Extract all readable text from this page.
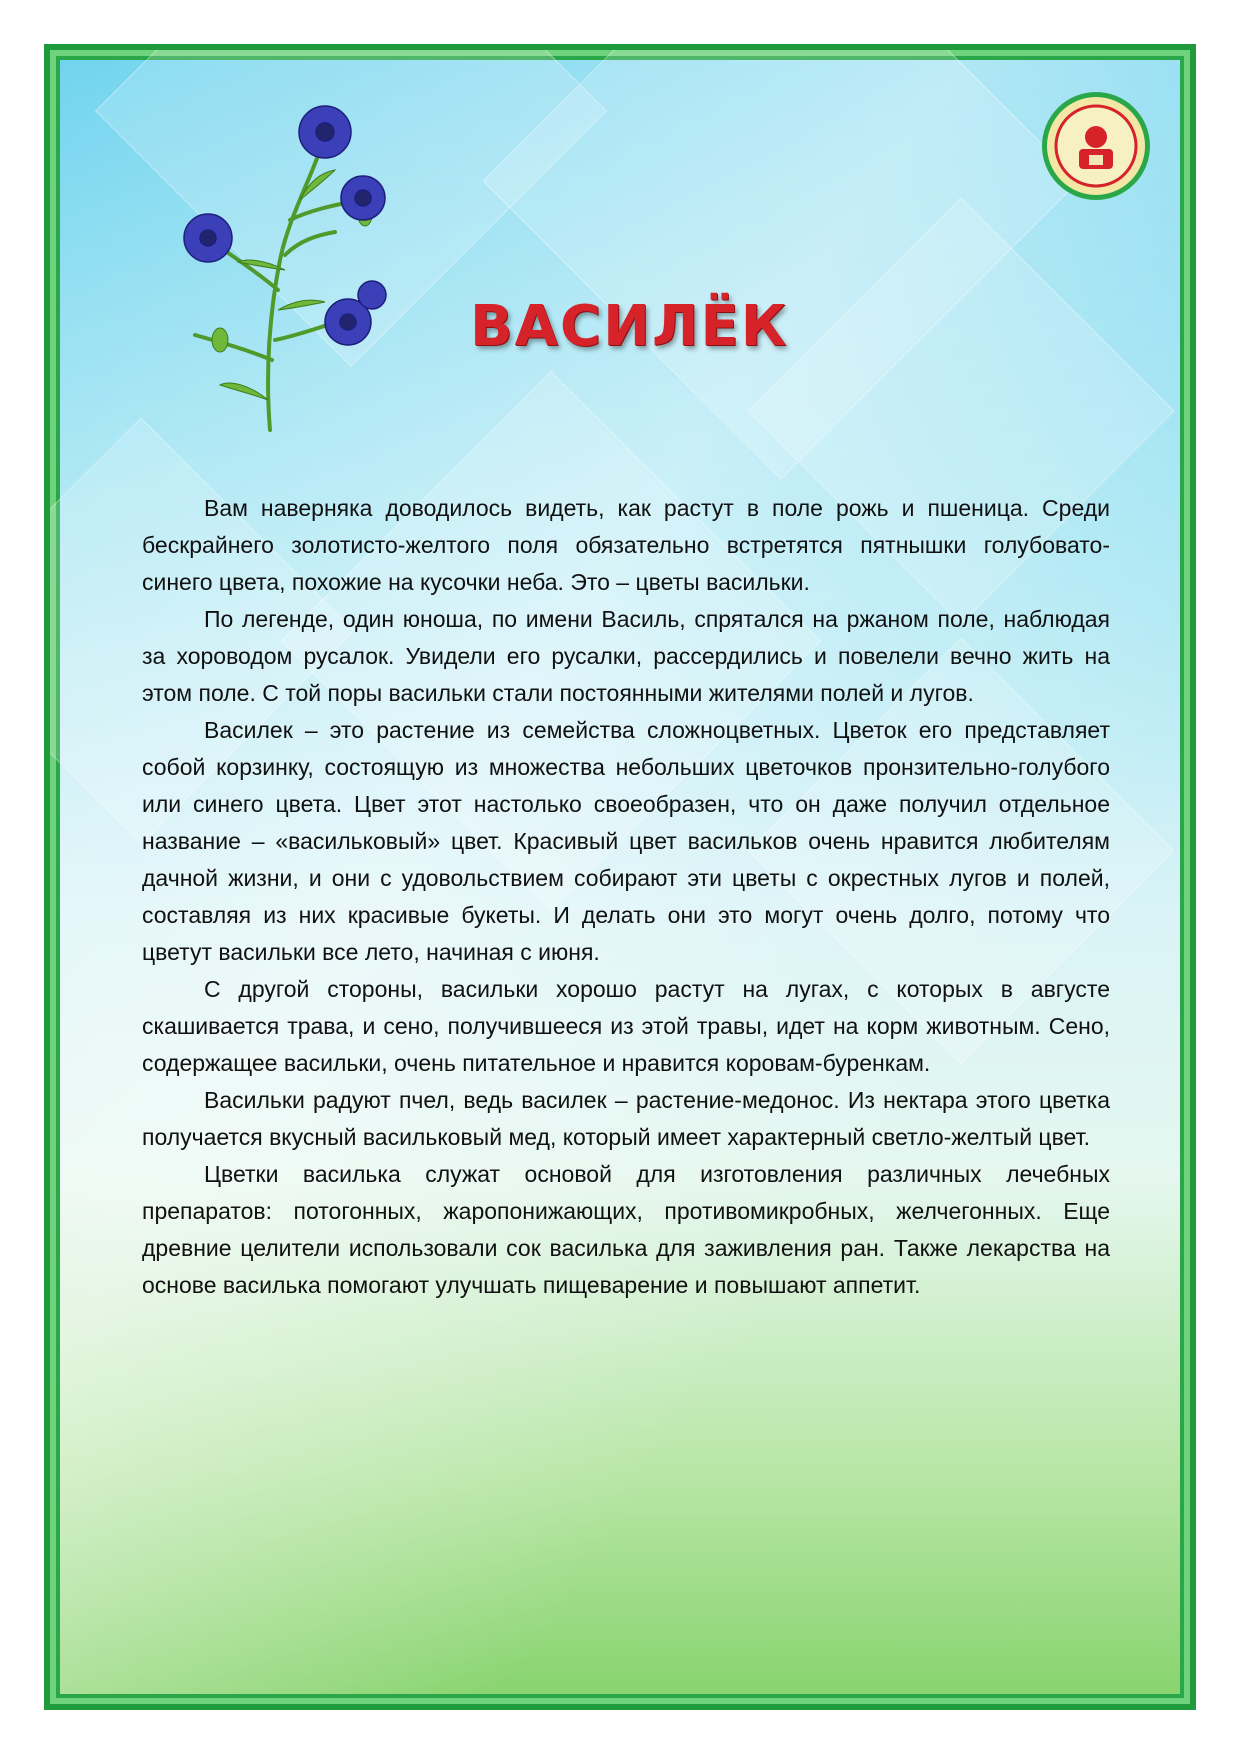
ВАСИЛЁК

Вам наверняка доводилось видеть, как растут в поле рожь и пшеница. Среди бескрайнего золотисто-желтого поля обязательно встретятся пятнышки голубовато-синего цвета, похожие на кусочки неба. Это – цветы васильки.

По легенде, один юноша, по имени Василь, спрятался на ржаном поле, наблюдая за хороводом русалок. Увидели его русалки, рассердились и повелели вечно жить на этом поле. С той поры васильки стали постоянными жителями полей и лугов.

Василек – это растение из семейства сложноцветных. Цветок его представляет собой корзинку, состоящую из множества небольших цветочков пронзительно-голубого или синего цвета. Цвет этот настолько своеобразен, что он даже получил отдельное название – «васильковый» цвет. Красивый цвет васильков очень нравится любителям дачной жизни, и они с удовольствием собирают эти цветы с окрестных лугов и полей, составляя из них красивые букеты. И делать они это могут очень долго, потому что цветут васильки все лето, начиная с июня.

С другой стороны, васильки хорошо растут на лугах, с которых в августе скашивается трава, и сено, получившееся из этой травы, идет на корм животным. Сено, содержащее васильки, очень питательное и нравится коровам-буренкам.

Васильки радуют пчел, ведь василек – растение-медонос. Из нектара этого цветка получается вкусный васильковый мед, который имеет характерный светло-желтый цвет.

Цветки василька служат основой для изготовления различных лечебных препаратов: потогонных, жаропонижающих, противомикробных, желчегонных. Еще древние целители использовали сок василька для заживления ран. Также лекарства на основе василька помогают улучшать пищеварение и повышают аппетит.
